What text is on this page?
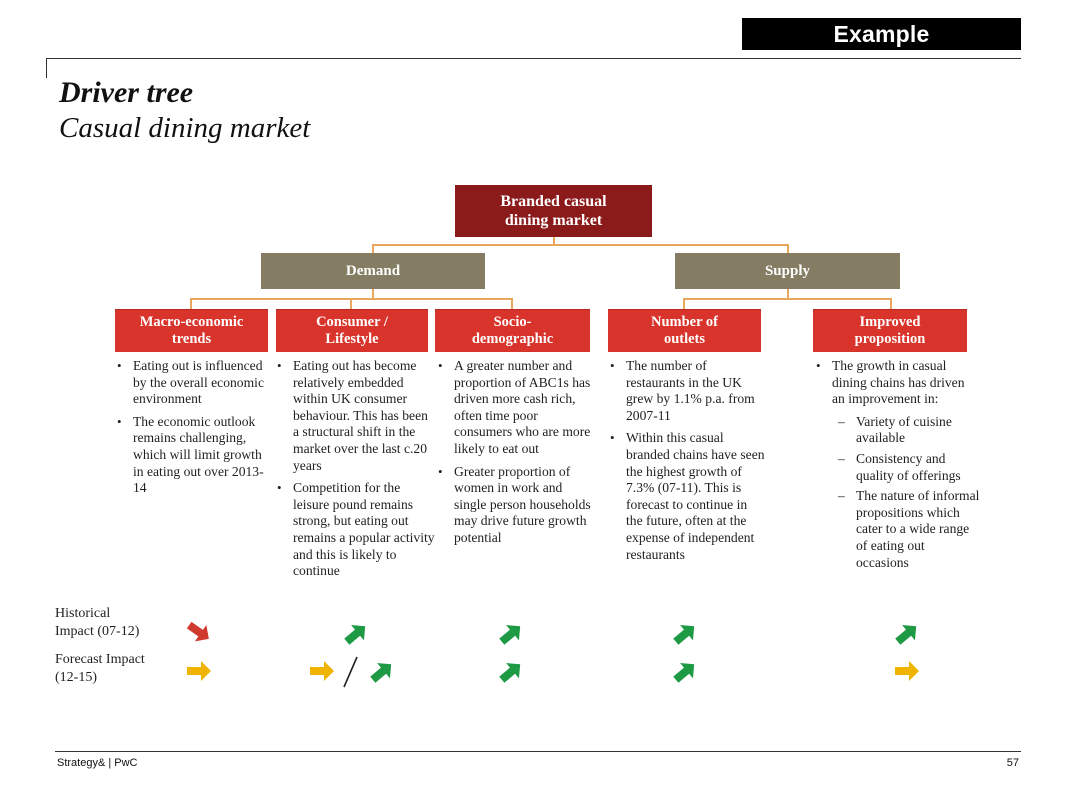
Example
Driver tree
Casual dining market
Branded casual dining market
Demand	Supply
Macro-economic trends
Consumer / Lifestyle
Socio-demographic
Number of outlets
Improved proposition
• Eating out is influenced by the overall economic environment
• The economic outlook remains challenging, which will limit growth in eating out over 2013-14
• Eating out has become relatively embedded within UK consumer behaviour. This has been a structural shift in the market over the last c.20 years
• Competition for the leisure pound remains strong, but eating out remains a popular activity and this is likely to continue
• A greater number and proportion of ABC1s has driven more cash rich, often time poor consumers who are more likely to eat out
• Greater proportion of women in work and single person households may drive future growth potential
• The number of restaurants in the UK grew by 1.1% p.a. from 2007-11
• Within this casual branded chains have seen the highest growth of 7.3% (07-11). This is forecast to continue in the future, often at the expense of independent restaurants
• The growth in casual dining chains has driven an improvement in:
– Variety of cuisine available
– Consistency and quality of offerings
– The nature of informal propositions which cater to a wide range of eating out occasions
Historical Impact (07-12)
Forecast Impact (12-15)
Strategy& | PwC	57
